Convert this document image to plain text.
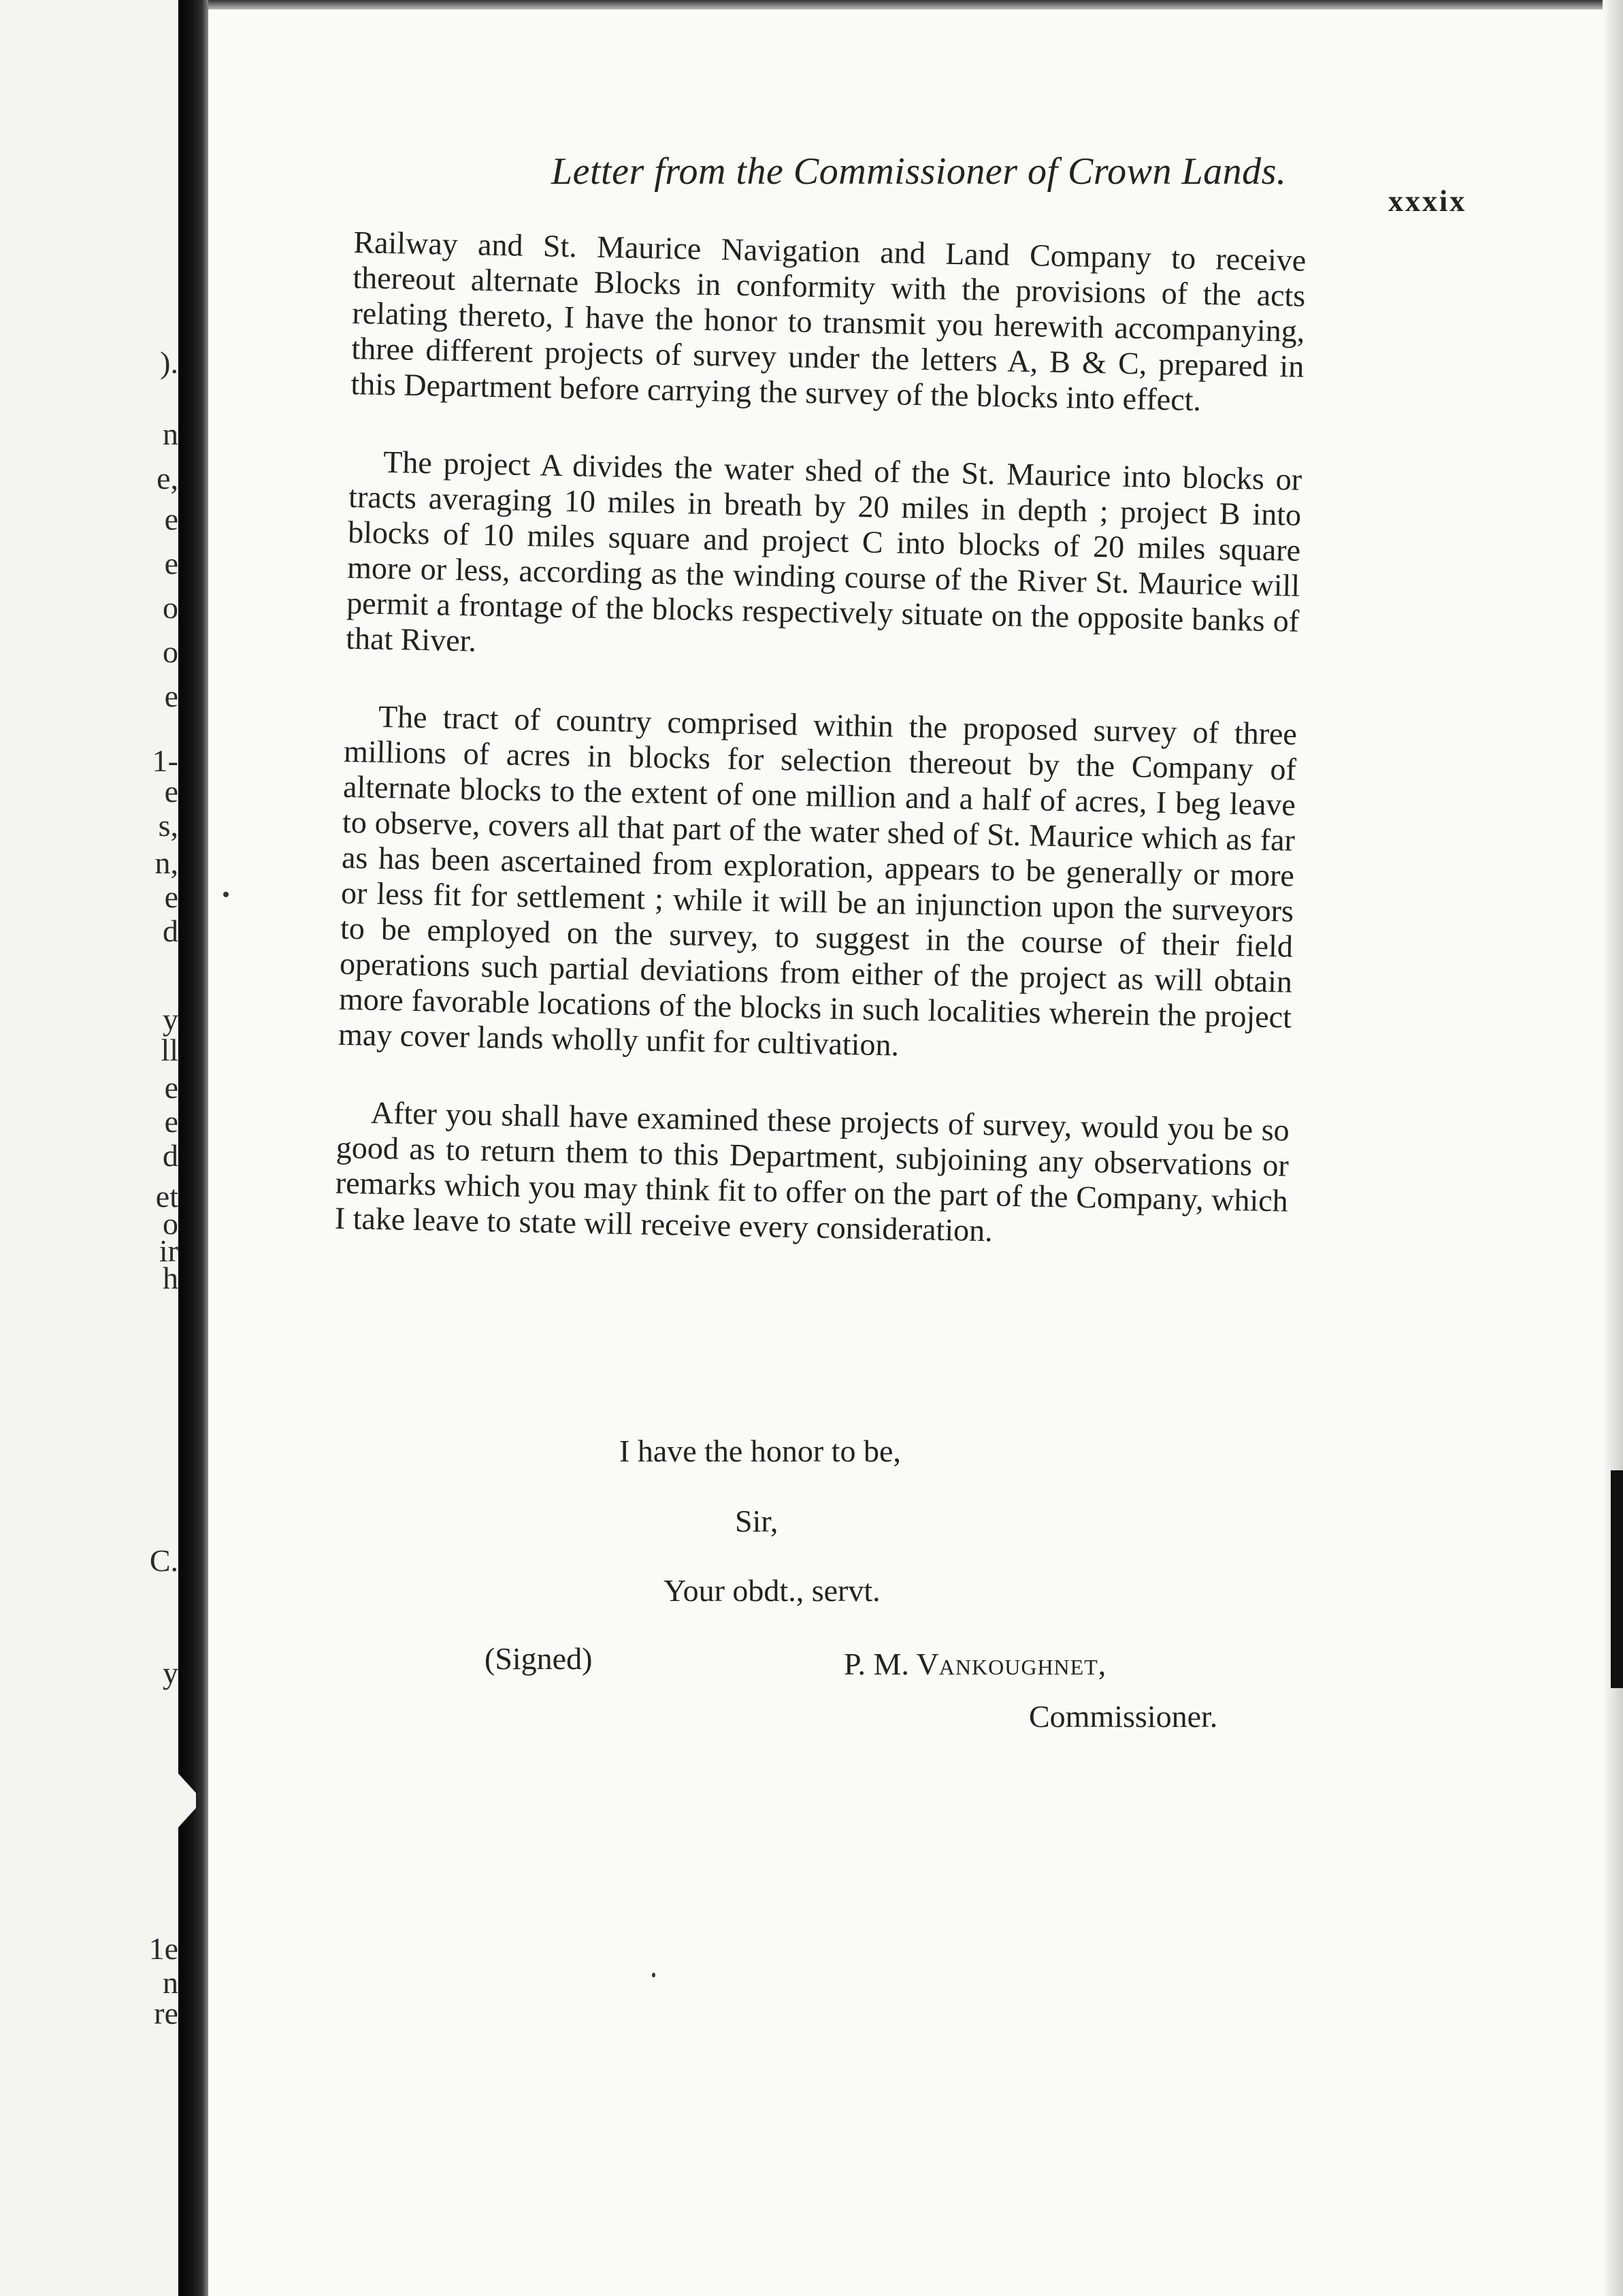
).
n
e,
e
e
o
o
e
1-
e
s,
n,
e
d
y
ll
e
e
d
et
o
ir
h
C.
y
1e
n
re
Letter from the Commissioner of Crown Lands.
xxxix

Railway and St. Maurice Navigation and Land Company to receive thereout alternate Blocks in conformity with the provisions of the acts relating thereto, I have the honor to transmit you herewith accompanying, three different projects of survey under the letters A, B & C, prepared in this Department before carrying the survey of the blocks into effect.

The project A divides the water shed of the St. Maurice into blocks or tracts averaging 10 miles in breath by 20 miles in depth ; project B into blocks of 10 miles square and project C into blocks of 20 miles square more or less, according as the winding course of the River St. Maurice will permit a frontage of the blocks respectively situate on the opposite banks of that River.

The tract of country comprised within the proposed survey of three millions of acres in blocks for selection thereout by the Company of alternate blocks to the extent of one million and a half of acres, I beg leave to observe, covers all that part of the water shed of St. Maurice which as far as has been ascertained from exploration, appears to be generally or more or less fit for settlement ; while it will be an injunction upon the surveyors to be employed on the survey, to suggest in the course of their field operations such partial deviations from either of the project as will obtain more favorable locations of the blocks in such localities wherein the project may cover lands wholly unfit for cultivation.

After you shall have examined these projects of survey, would you be so good as to return them to this Department, subjoining any observations or remarks which you may think fit to offer on the part of the Company, which I take leave to state will receive every consideration.

I have the honor to be,
Sir,
Your obdt., servt.
(Signed)	P. M. Vankoughnet,
Commissioner.
